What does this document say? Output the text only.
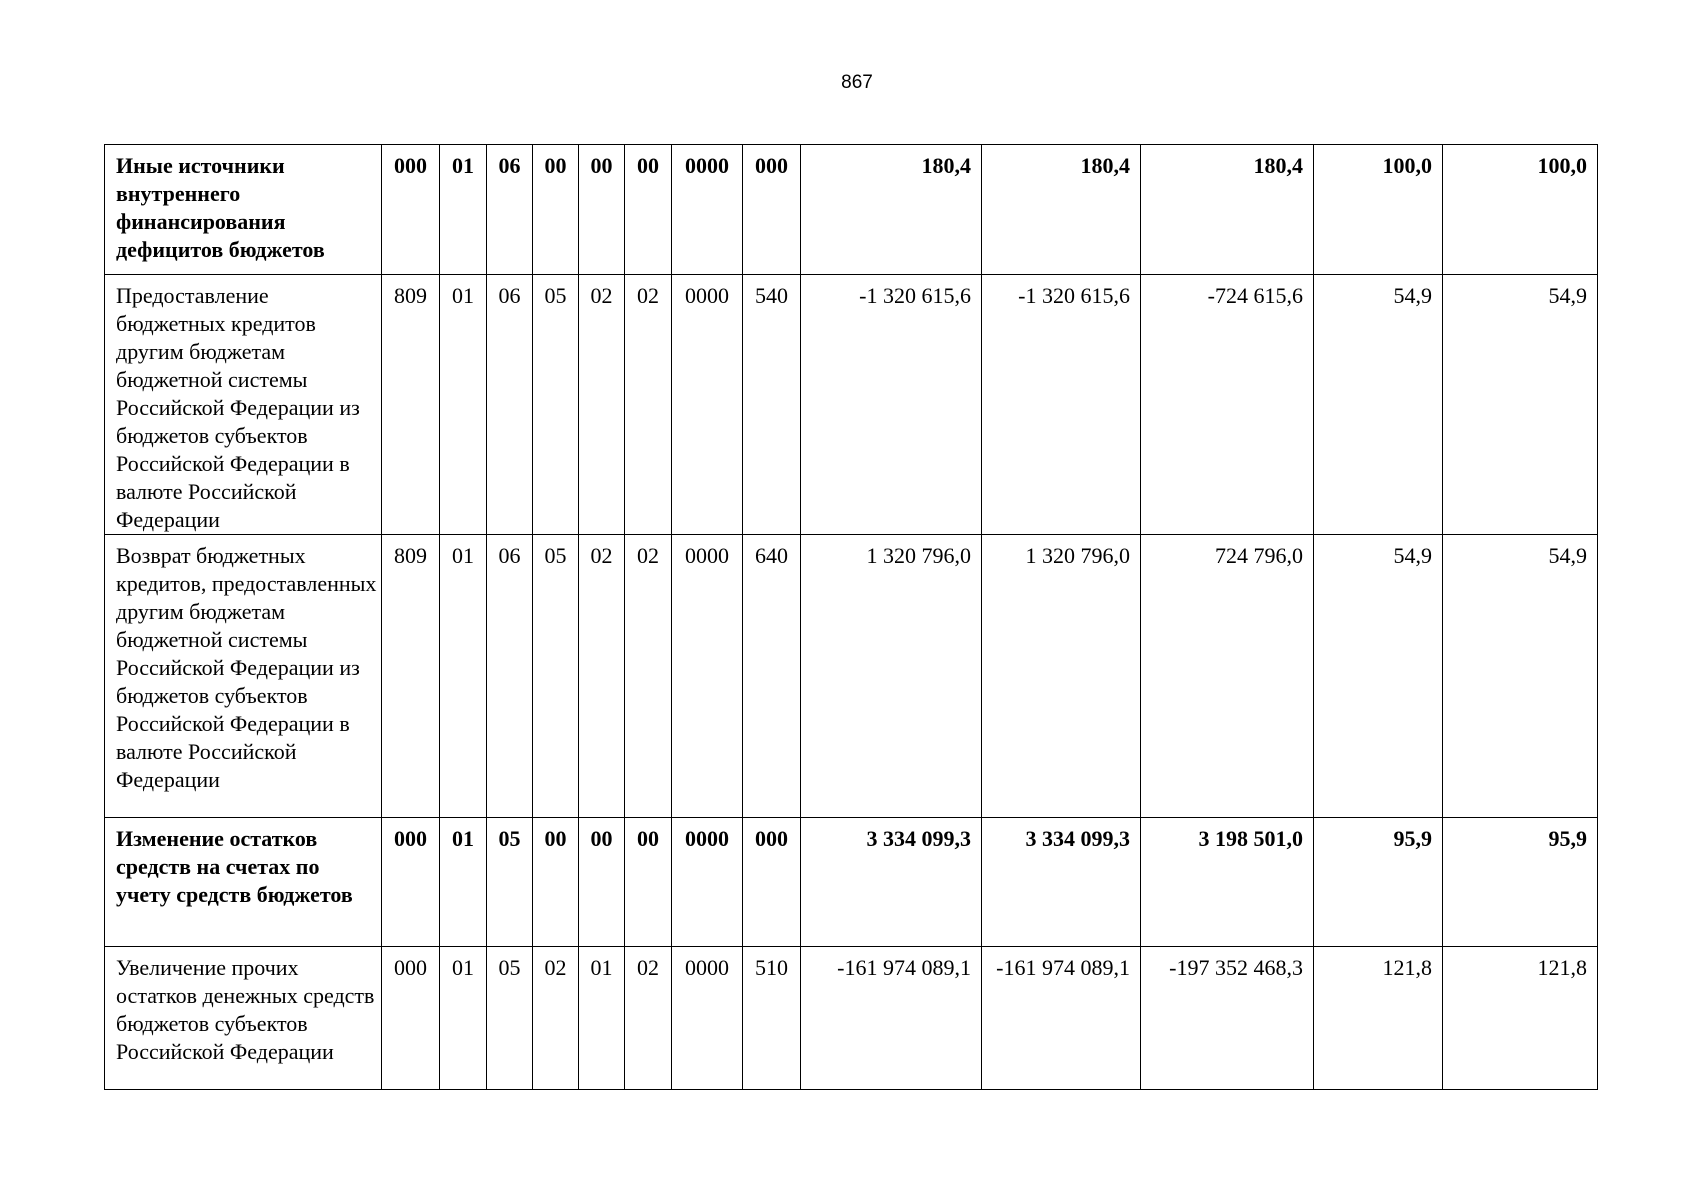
867
Иные источники внутреннего финансирования дефицитов бюджетов	000	01	06	00	00	00	0000	000	180,4	180,4	180,4	100,0	100,0
Предоставление бюджетных кредитов другим бюджетам бюджетной системы Российской Федерации из бюджетов субъектов Российской Федерации в валюте Российской Федерации	809	01	06	05	02	02	0000	540	-1 320 615,6	-1 320 615,6	-724 615,6	54,9	54,9
Возврат бюджетных кредитов, предоставленных другим бюджетам бюджетной системы Российской Федерации из бюджетов субъектов Российской Федерации в валюте Российской Федерации	809	01	06	05	02	02	0000	640	1 320 796,0	1 320 796,0	724 796,0	54,9	54,9
Изменение остатков средств на счетах по учету средств бюджетов	000	01	05	00	00	00	0000	000	3 334 099,3	3 334 099,3	3 198 501,0	95,9	95,9
Увеличение прочих остатков денежных средств бюджетов субъектов Российской Федерации	000	01	05	02	01	02	0000	510	-161 974 089,1	-161 974 089,1	-197 352 468,3	121,8	121,8
